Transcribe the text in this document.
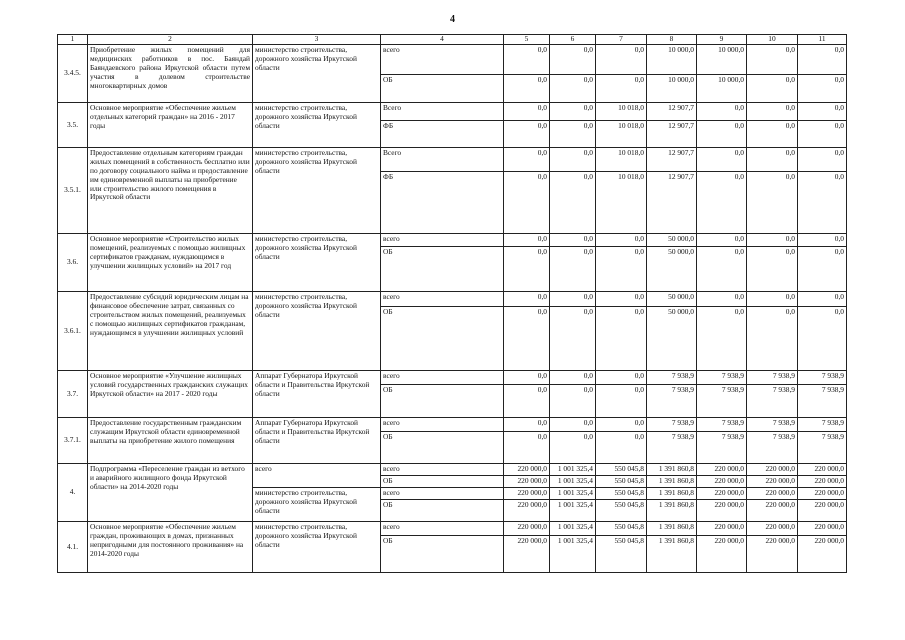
4
1	2	3	4	5	6	7	8	9	10	11
3.4.5.	Приобретение жилых помещений для медицинских работников в пос. Баяндай Баяндаевского района Иркутской области путем участия в долевом строительстве многоквартирных домов	министерство строительства, дорожного хозяйства Иркутской области	всего	0,0	0,0	0,0	10 000,0	10 000,0	0,0	0,0
			ОБ	0,0	0,0	0,0	10 000,0	10 000,0	0,0	0,0
3.5.	Основное мероприятие «Обеспечение жильем отдельных категорий граждан» на 2016 - 2017 годы	министерство строительства, дорожного хозяйства Иркутской области	Всего	0,0	0,0	10 018,0	12 907,7	0,0	0,0	0,0
			ФБ	0,0	0,0	10 018,0	12 907,7	0,0	0,0	0,0
3.5.1.	Предоставление отдельным категориям граждан жилых помещений в собственность бесплатно или по договору социального найма и предоставление им единовременной выплаты на приобретение или строительство жилого помещения в Иркутской области	министерство строительства, дорожного хозяйства Иркутской области	Всего	0,0	0,0	10 018,0	12 907,7	0,0	0,0	0,0
			ФБ	0,0	0,0	10 018,0	12 907,7	0,0	0,0	0,0
3.6.	Основное мероприятие «Строительство жилых помещений, реализуемых с помощью жилищных сертификатов гражданам, нуждающимся в улучшении жилищных условий» на 2017 год	министерство строительства, дорожного хозяйства Иркутской области	всего	0,0	0,0	0,0	50 000,0	0,0	0,0	0,0
			ОБ	0,0	0,0	0,0	50 000,0	0,0	0,0	0,0
3.6.1.	Предоставление субсидий юридическим лицам на финансовое обеспечение затрат, связанных со строительством жилых помещений, реализуемых с помощью жилищных сертификатов гражданам, нуждающимся в улучшении жилищных условий	министерство строительства, дорожного хозяйства Иркутской области	всего	0,0	0,0	0,0	50 000,0	0,0	0,0	0,0
			ОБ	0,0	0,0	0,0	50 000,0	0,0	0,0	0,0
3.7.	Основное мероприятие «Улучшение жилищных условий государственных гражданских служащих Иркутской области» на 2017 - 2020 годы	Аппарат Губернатора Иркутской области и Правительства Иркутской области	всего	0,0	0,0	0,0	7 938,9	7 938,9	7 938,9	7 938,9
			ОБ	0,0	0,0	0,0	7 938,9	7 938,9	7 938,9	7 938,9
3.7.1.	Предоставление государственным гражданским служащим Иркутской области единовременной выплаты на приобретение жилого помещения	Аппарат Губернатора Иркутской области и Правительства Иркутской области	всего	0,0	0,0	0,0	7 938,9	7 938,9	7 938,9	7 938,9
			ОБ	0,0	0,0	0,0	7 938,9	7 938,9	7 938,9	7 938,9
4.	Подпрограмма «Переселение граждан из ветхого и аварийного жилищного фонда Иркутской области» на 2014-2020 годы	всего	всего	220 000,0	1 001 325,4	550 045,8	1 391 860,8	220 000,0	220 000,0	220 000,0
			ОБ	220 000,0	1 001 325,4	550 045,8	1 391 860,8	220 000,0	220 000,0	220 000,0
		министерство строительства, дорожного хозяйства Иркутской области	всего	220 000,0	1 001 325,4	550 045,8	1 391 860,8	220 000,0	220 000,0	220 000,0
			ОБ	220 000,0	1 001 325,4	550 045,8	1 391 860,8	220 000,0	220 000,0	220 000,0
4.1.	Основное мероприятие «Обеспечение жильем граждан, проживающих в домах, признанных непригодными для постоянного проживания» на 2014-2020 годы	министерство строительства, дорожного хозяйства Иркутской области	всего	220 000,0	1 001 325,4	550 045,8	1 391 860,8	220 000,0	220 000,0	220 000,0
			ОБ	220 000,0	1 001 325,4	550 045,8	1 391 860,8	220 000,0	220 000,0	220 000,0
